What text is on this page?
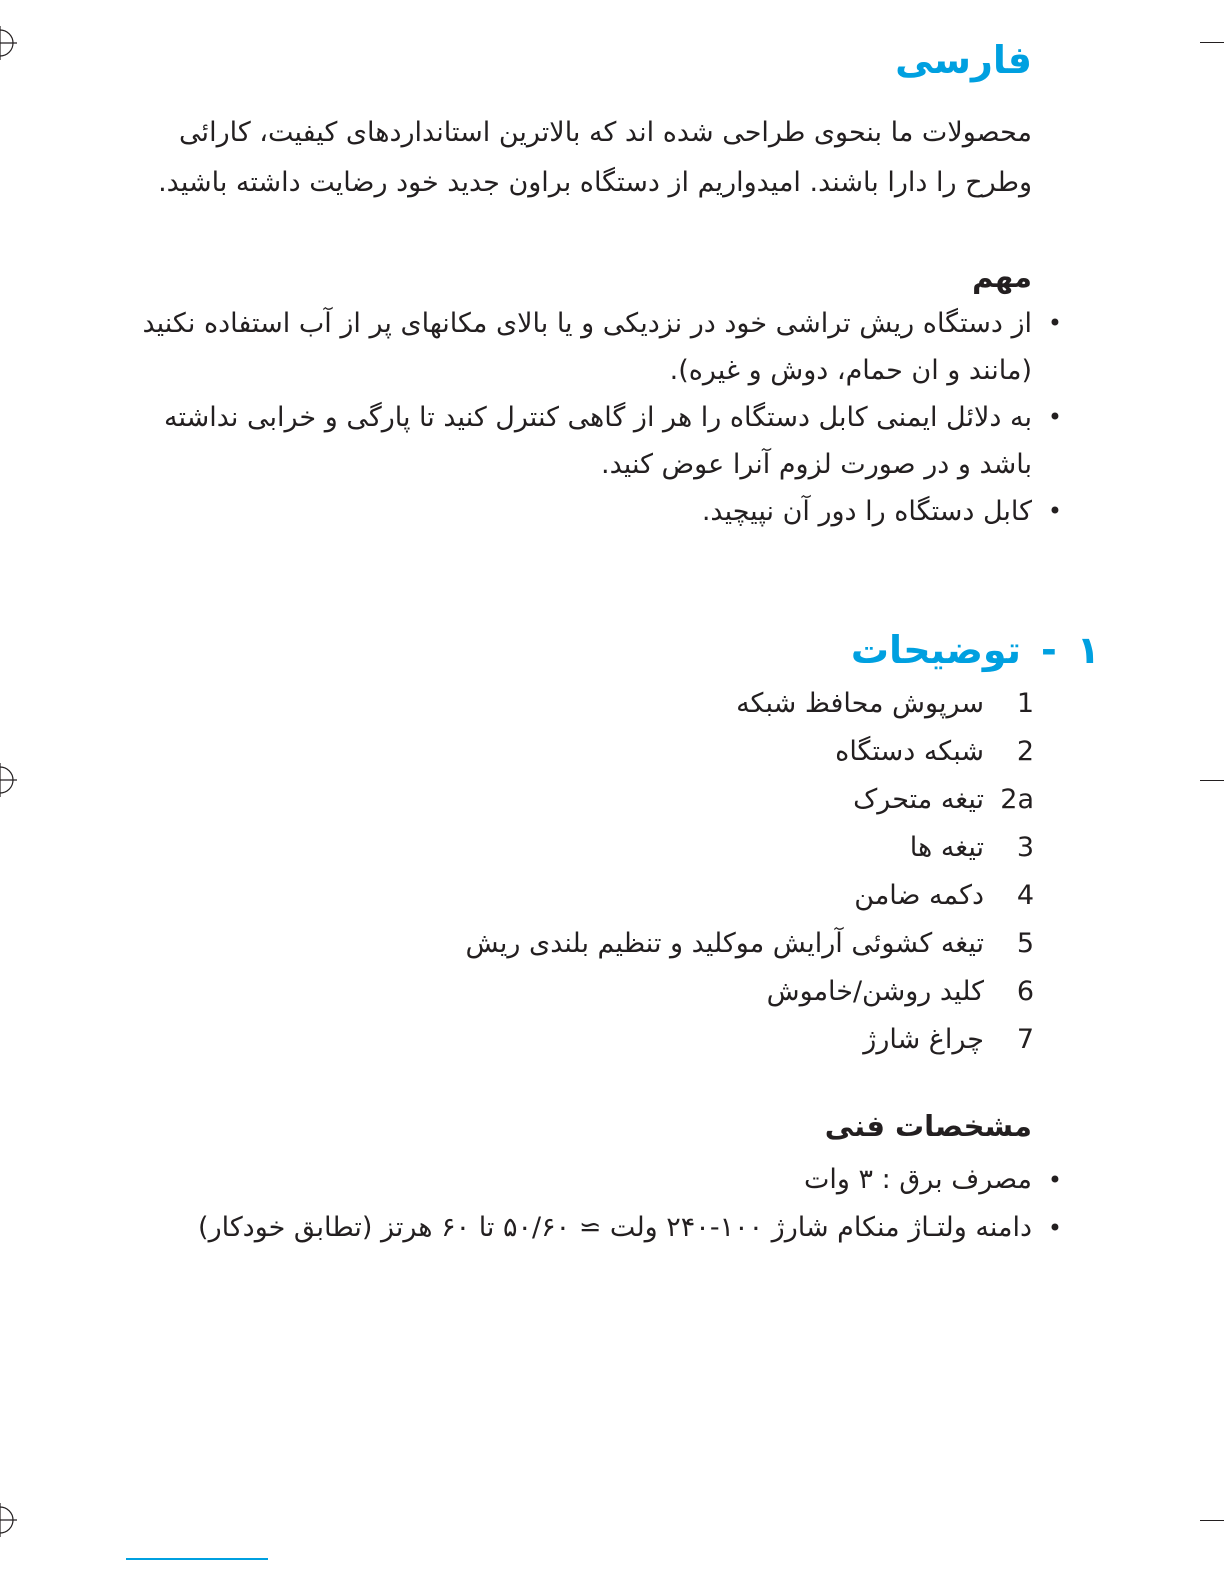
فارسی
محصولات ما بنحوی طراحی شده اند که بالاترین استانداردهای کیفیت، کارائی وطرح را دارا باشند. امیدواریم از دستگاه براون جدید خود رضایت داشته باشید.
مهم
•
از دستگاه ریش تراشی خود در نزدیکی و یا بالای مکانهای پر از آب استفاده نکنید (مانند و ان حمام، دوش و غیره).
•
به دلائل ایمنی کابل دستگاه را هر از گاهی کنترل کنید تا پارگی و خرابی نداشته باشد و در صورت لزوم آنرا عوض کنید.
•
کابل دستگاه را دور آن نپیچید.
۱-توضیحات
1سرپوش محافظ شبکه
2شبکه دستگاه
2aتیغه متحرک
3تیغه ها
4دکمه ضامن
5تیغه کشوئی آرایش موکلید و تنظیم بلندی ریش
6کلید روشن/خاموش
7چراغ شارژ
مشخصات فنی
•
مصرف برق : ۳ وات
•
دامنه ولتـاژ منکام شارژ ۱۰۰-۲۴۰ ولت ≃ ۵۰/۶۰ تا ۶۰ هرتز (تطابق خودکار)
